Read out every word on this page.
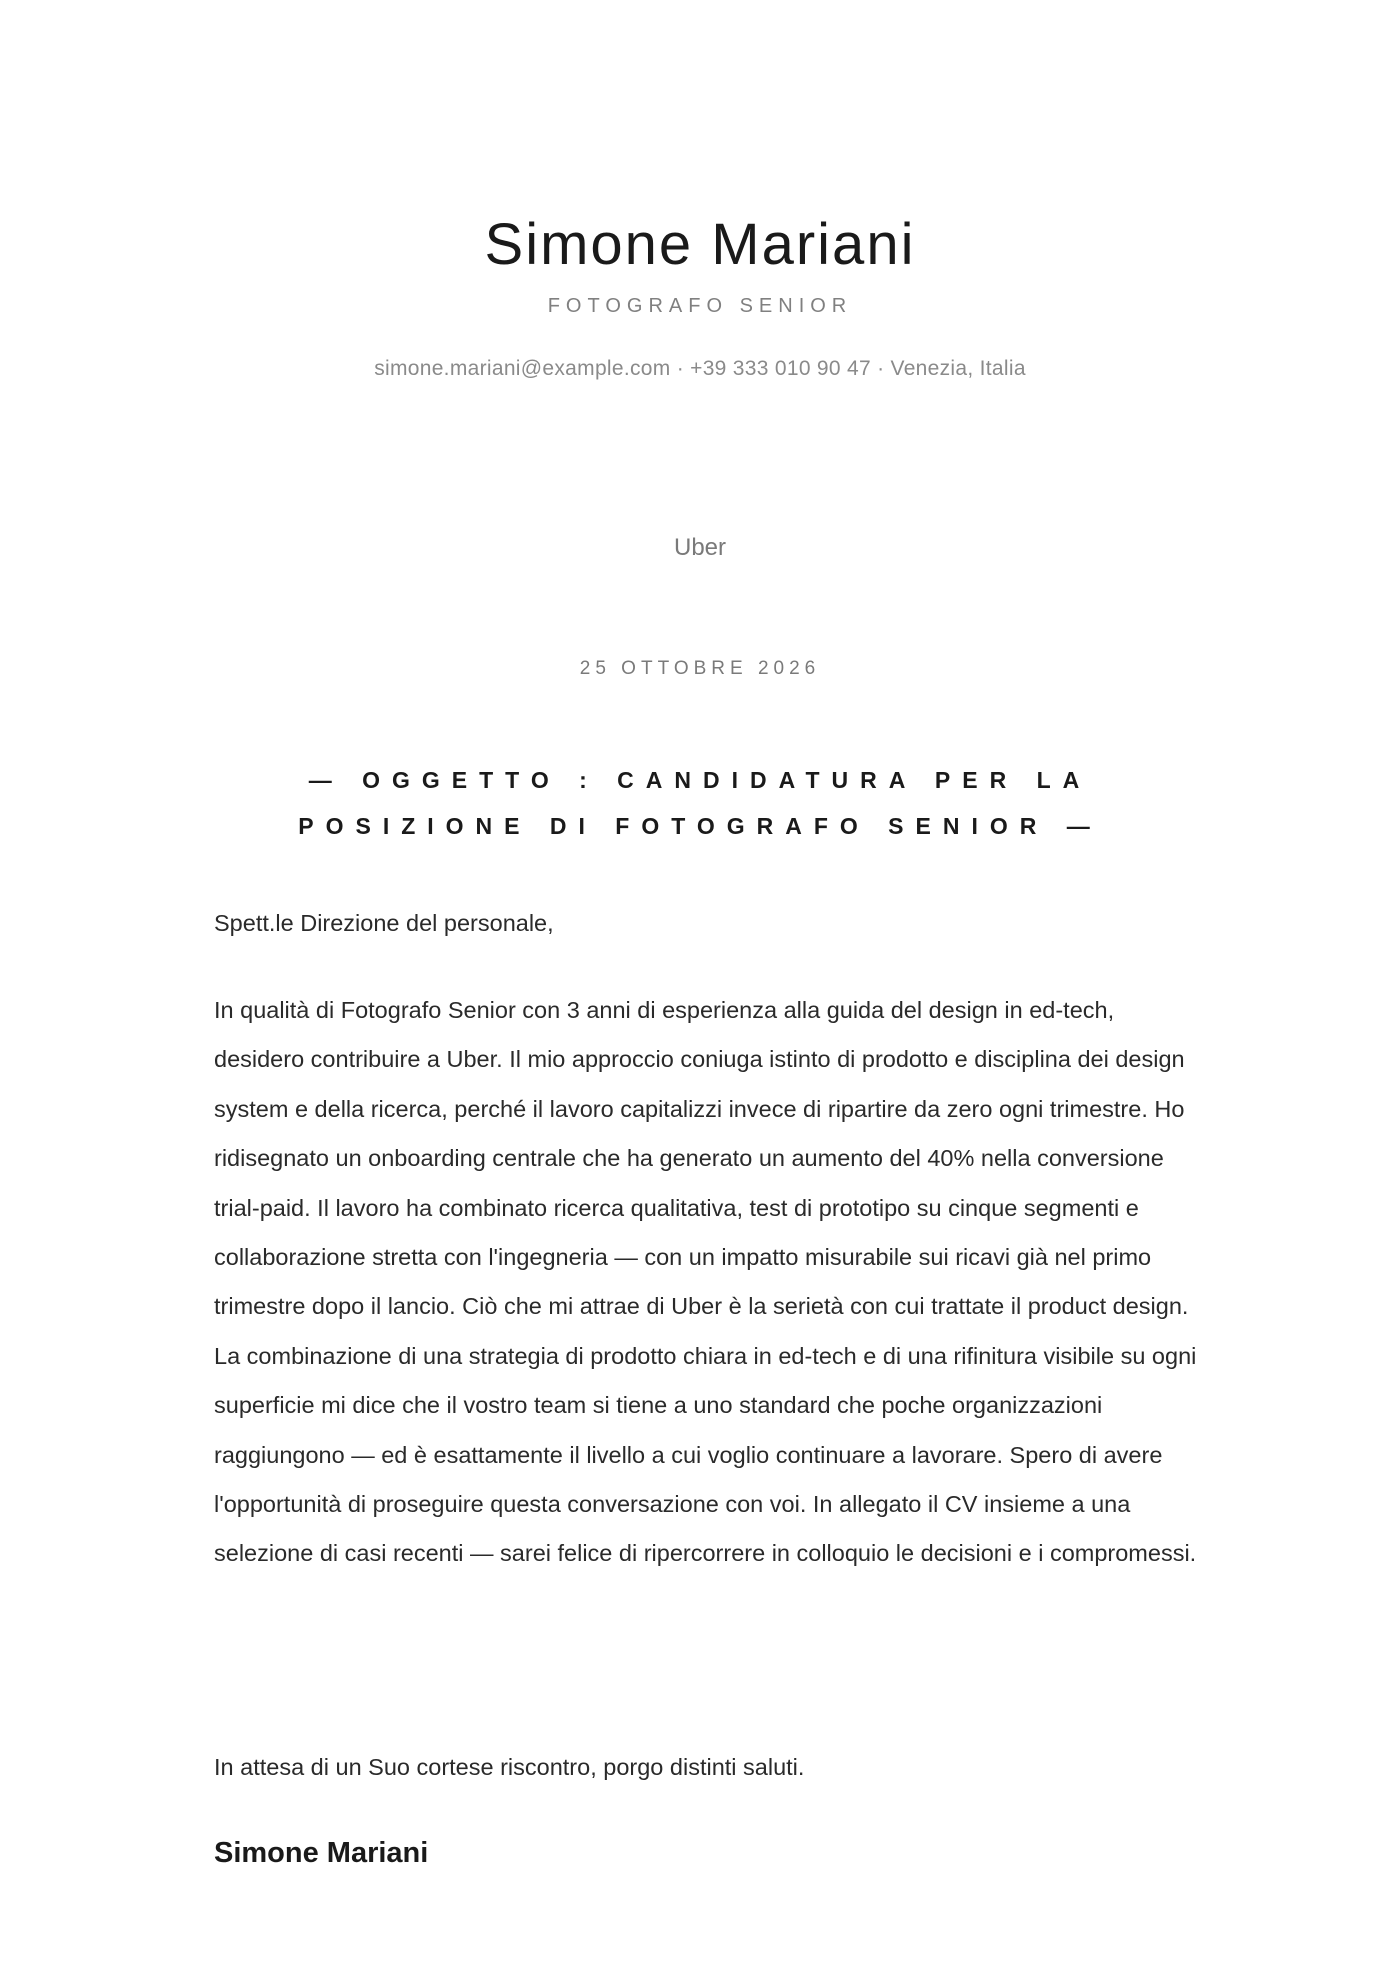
Simone Mariani
FOTOGRAFO SENIOR
simone.mariani@example.com · +39 333 010 90 47 · Venezia, Italia
Uber
25 OTTOBRE 2026
— OGGETTO : CANDIDATURA PER LA POSIZIONE DI FOTOGRAFO SENIOR —

Spett.le Direzione del personale,

In qualità di Fotografo Senior con 3 anni di esperienza alla guida del design in ed-tech, desidero contribuire a Uber. Il mio approccio coniuga istinto di prodotto e disciplina dei design system e della ricerca, perché il lavoro capitalizzi invece di ripartire da zero ogni trimestre. Ho ridisegnato un onboarding centrale che ha generato un aumento del 40% nella conversione trial-paid. Il lavoro ha combinato ricerca qualitativa, test di prototipo su cinque segmenti e collaborazione stretta con l'ingegneria — con un impatto misurabile sui ricavi già nel primo trimestre dopo il lancio. Ciò che mi attrae di Uber è la serietà con cui trattate il product design. La combinazione di una strategia di prodotto chiara in ed-tech e di una rifinitura visibile su ogni superficie mi dice che il vostro team si tiene a uno standard che poche organizzazioni raggiungono — ed è esattamente il livello a cui voglio continuare a lavorare. Spero di avere l'opportunità di proseguire questa conversazione con voi. In allegato il CV insieme a una selezione di casi recenti — sarei felice di ripercorrere in colloquio le decisioni e i compromessi.

In attesa di un Suo cortese riscontro, porgo distinti saluti.
Simone Mariani
